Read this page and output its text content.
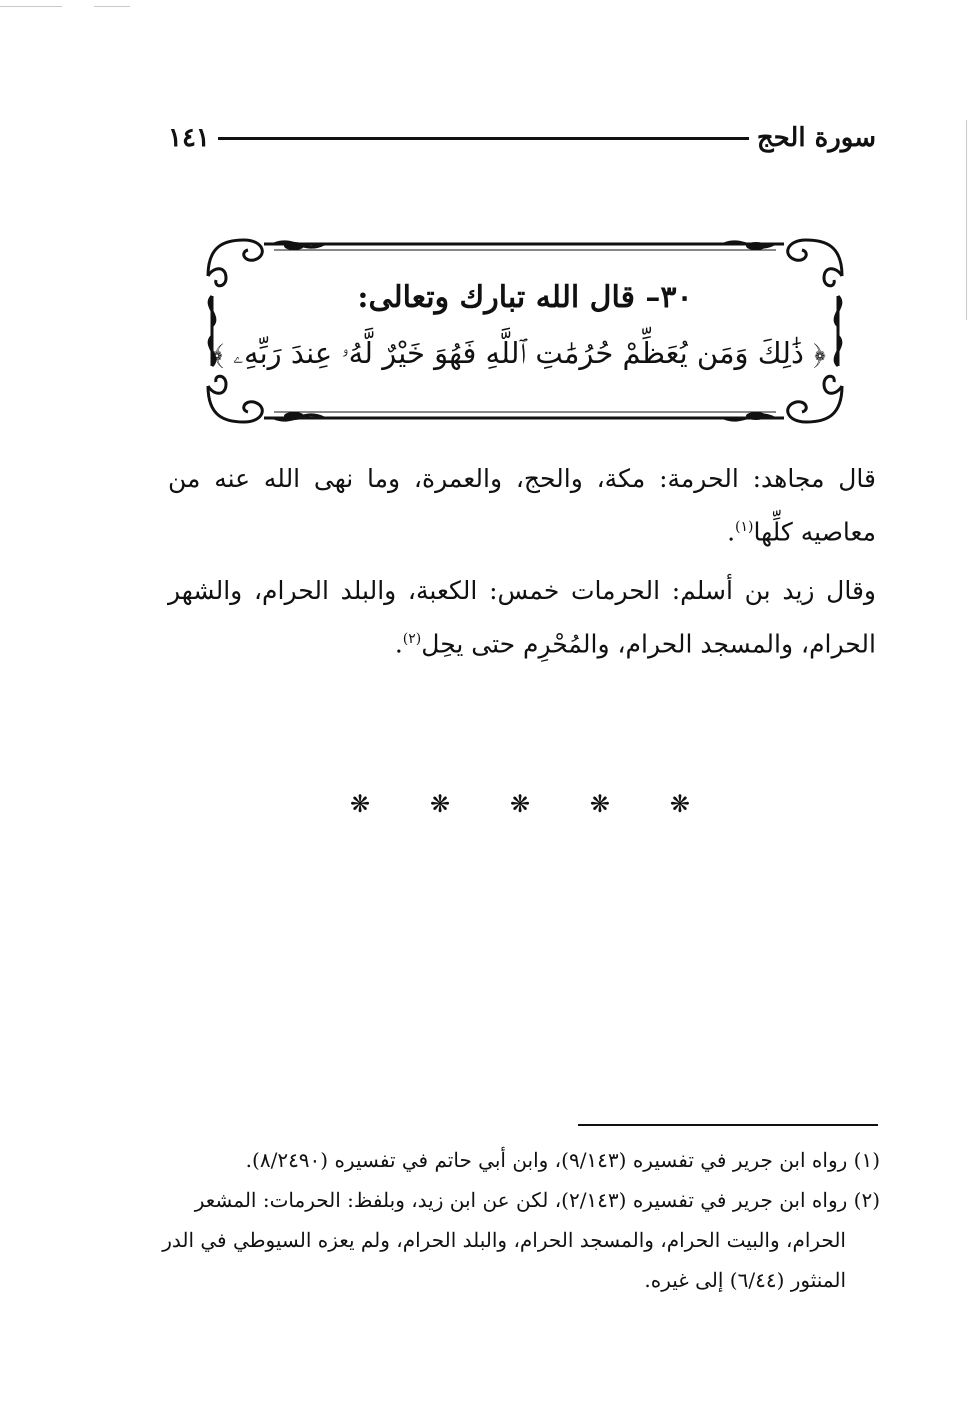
سورة الحج
١٤١
٣٠– قال الله تبارك وتعالى:
﴿ ذَٰلِكَ وَمَن يُعَظِّمْ حُرُمَٰتِ ٱللَّهِ فَهُوَ خَيْرٌ لَّهُۥ عِندَ رَبِّهِۦ ﴾
قال مجاهد: الحرمة: مكة، والحج، والعمرة، وما نهى الله عنه من
معاصيه كلِّها$^{(١)}$.
وقال زيد بن أسلم: الحرمات خمس: الكعبة، والبلد الحرام، والشهر
الحرام، والمسجد الحرام، والمُحْرِم حتى يحِل$^{(٢)}$.
❋
❋
❋
❋
❋
(١) رواه ابن جرير في تفسيره (٩/١٤٣)، وابن أبي حاتم في تفسيره (٨/٢٤٩٠).
(٢) رواه ابن جرير في تفسيره (٢/١٤٣)، لكن عن ابن زيد، وبلفظ: الحرمات: المشعر
الحرام، والبيت الحرام، والمسجد الحرام، والبلد الحرام، ولم يعزه السيوطي في الدر
المنثور (٦/٤٤) إلى غيره.
